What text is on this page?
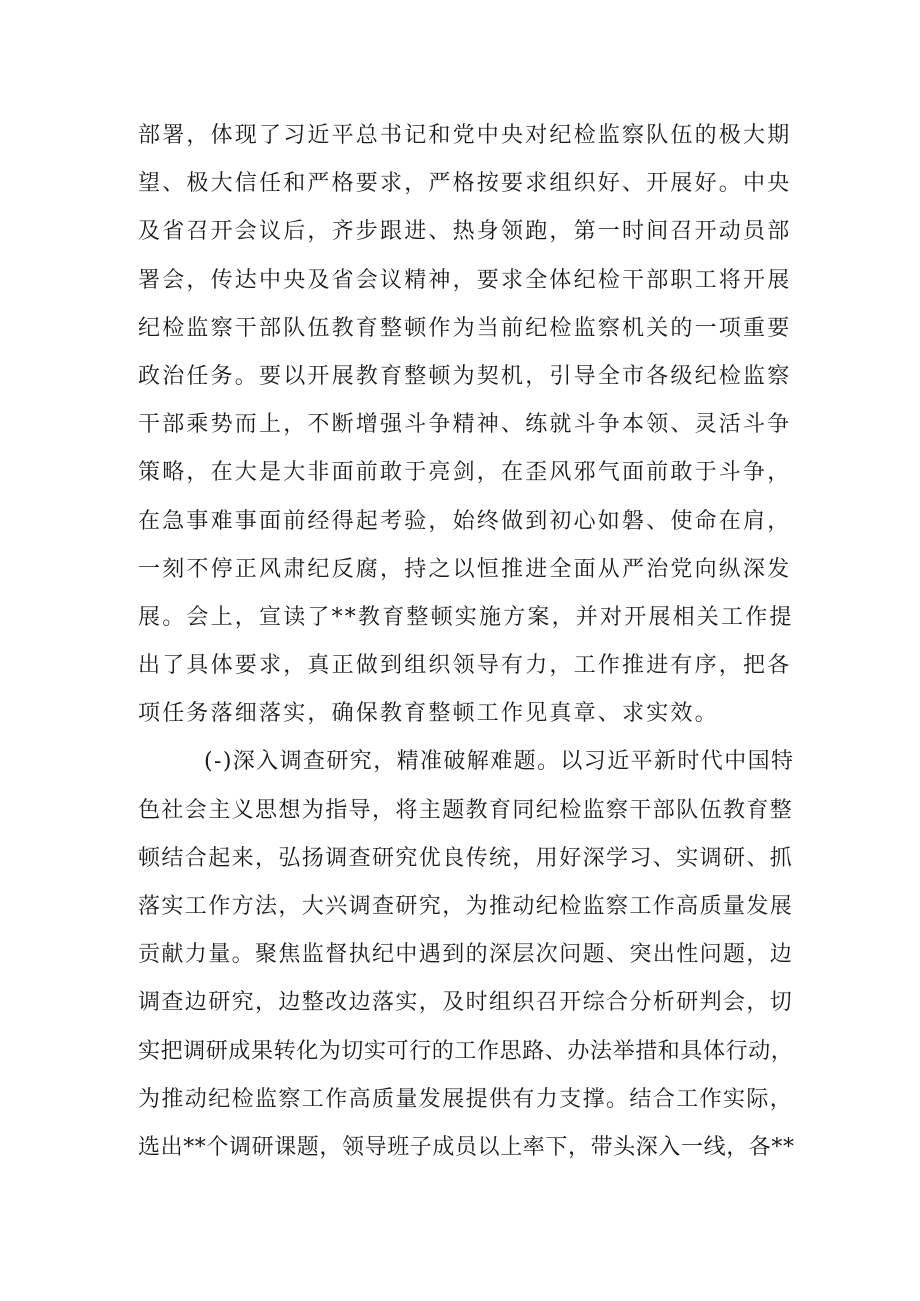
部署，体现了习近平总书记和党中央对纪检监察队伍的极大期
望、极大信任和严格要求，严格按要求组织好、开展好。中央
及省召开会议后，齐步跟进、热身领跑，第一时间召开动员部
署会，传达中央及省会议精神，要求全体纪检干部职工将开展
纪检监察干部队伍教育整顿作为当前纪检监察机关的一项重要
政治任务。要以开展教育整顿为契机，引导全市各级纪检监察
干部乘势而上，不断增强斗争精神、练就斗争本领、灵活斗争
策略，在大是大非面前敢于亮剑，在歪风邪气面前敢于斗争，
在急事难事面前经得起考验，始终做到初心如磐、使命在肩，
一刻不停正风肃纪反腐，持之以恒推进全面从严治党向纵深发
展。会上，宣读了**教育整顿实施方案，并对开展相关工作提
出了具体要求，真正做到组织领导有力，工作推进有序，把各
项任务落细落实，确保教育整顿工作见真章、求实效。
(-)深入调查研究，精准破解难题。以习近平新时代中国特
色社会主义思想为指导，将主题教育同纪检监察干部队伍教育整
顿结合起来，弘扬调查研究优良传统，用好深学习、实调研、抓
落实工作方法，大兴调查研究，为推动纪检监察工作高质量发展
贡献力量。聚焦监督执纪中遇到的深层次问题、突出性问题，边
调查边研究，边整改边落实，及时组织召开综合分析研判会，切
实把调研成果转化为切实可行的工作思路、办法举措和具体行动，
为推动纪检监察工作高质量发展提供有力支撑。结合工作实际，
选出**个调研课题，领导班子成员以上率下，带头深入一线，各**
